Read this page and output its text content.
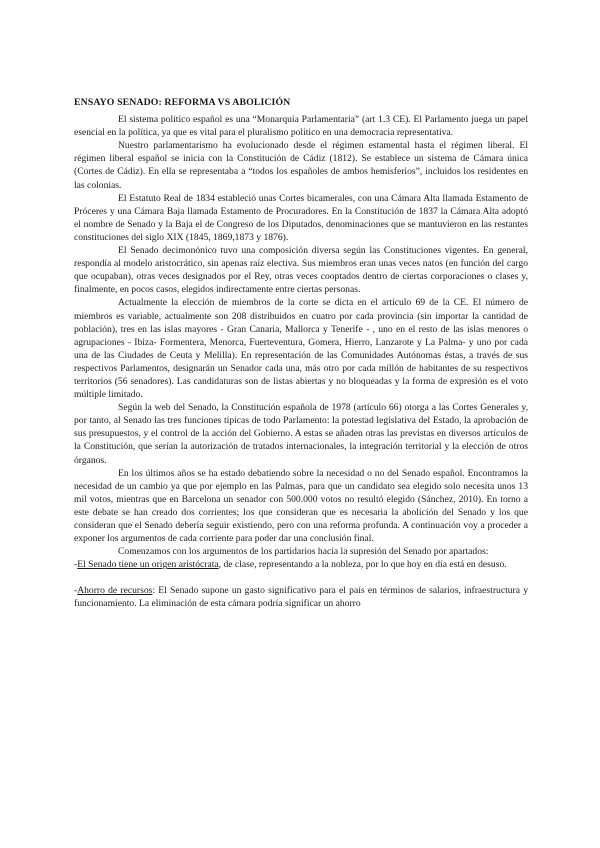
ENSAYO SENADO: REFORMA VS ABOLICIÓN

El sistema político español es una “Monarquía Parlamentaria” (art 1.3 CE). El Parlamento juega un papel esencial en la política, ya que es vital para el pluralismo político en una democracia representativa.

Nuestro parlamentarismo ha evolucionado desde el régimen estamental hasta el régimen liberal. El régimen liberal español se inicia con la Constitución de Cádiz (1812). Se establece un sistema de Cámara única (Cortes de Cádiz). En ella se representaba a “todos los españoles de ambos hemisferios”, incluidos los residentes en las colonias.

El Estatuto Real de 1834 estableció unas Cortes bicamerales, con una Cámara Alta llamada Estamento de Próceres y una Cámara Baja llamada Estamento de Procuradores. En la Constitución de 1837 la Cámara Alta adoptó el nombre de Senado y la Baja el de Congreso de los Diputados, denominaciones que se mantuvieron en las restantes constituciones del siglo XIX (1845, 1869,1873 y 1876).

El Senado decimonónico tuvo una composición diversa según las Constituciones vigentes. En general, respondía al modelo aristocrático, sin apenas raíz electiva. Sus miembros eran unas veces natos (en función del cargo que ocupaban), otras veces designados por el Rey, otras veces cooptados dentro de ciertas corporaciones o clases y, finalmente, en pocos casos, elegidos indirectamente entre ciertas personas.

Actualmente la elección de miembros de la corte se dicta en el artículo 69 de la CE. El número de miembros es variable, actualmente son 208 distribuidos en cuatro por cada provincia (sin importar la cantidad de población), tres en las islas mayores - Gran Canaria, Mallorca y Tenerife - , uno en el resto de las islas menores o agrupaciones - Ibiza- Formentera, Menorca, Fuerteventura, Gomera, Hierro, Lanzarote y La Palma- y uno por cada una de las Ciudades de Ceuta y Melilla). En representación de las Comunidades Autónomas éstas, a través de sus respectivos Parlamentos, designarán un Senador cada una, más otro por cada millón de habitantes de su respectivos territorios (56 senadores). Las candidaturas son de listas abiertas y no bloqueadas y la forma de expresión es el voto múltiple limitado.

Según la web del Senado, la Constitución española de 1978 (artículo 66) otorga a las Cortes Generales y, por tanto, al Senado las tres funciones típicas de todo Parlamento: la potestad legislativa del Estado, la aprobación de sus presupuestos, y el control de la acción del Gobierno. A estas se añaden otras las previstas en diversos artículos de la Constitución, que serían la autorización de tratados internacionales, la integración territorial y la elección de otros órganos.

En los últimos años se ha estado debatiendo sobre la necesidad o no del Senado español. Encontramos la necesidad de un cambio ya que por ejemplo en las Palmas, para que un candidato sea elegido solo necesita unos 13 mil votos, mientras que en Barcelona un senador con 500.000 votos no resultó elegido (Sánchez, 2010). En torno a este debate se han creado dos corrientes; los que consideran que es necesaria la abolición del Senado y los que consideran que el Senado debería seguir existiendo, pero con una reforma profunda. A continuación voy a proceder a exponer los argumentos de cada corriente para poder dar una conclusión final.

Comenzamos con los argumentos de los partidarios hacia la supresión del Senado por apartados:

-El Senado tiene un origen aristócrata, de clase, representando a la nobleza, por lo que hoy en día está en desuso.

-Ahorro de recursos: El Senado supone un gasto significativo para el país en términos de salarios, infraestructura y funcionamiento. La eliminación de esta cámara podría significar un ahorro
